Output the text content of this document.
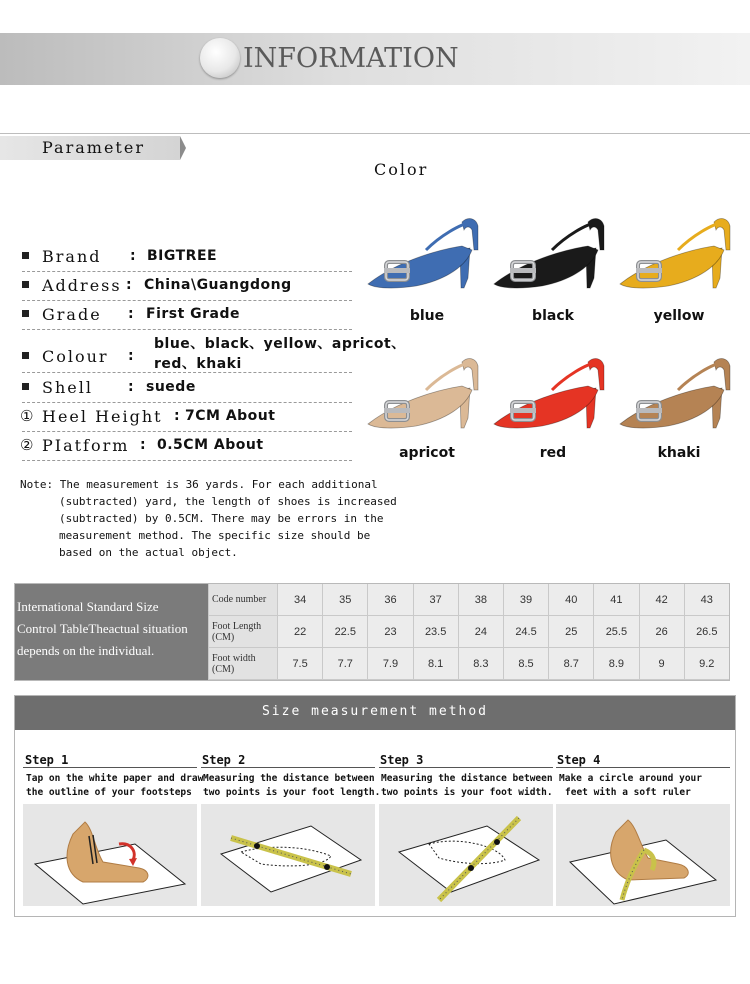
INFORMATION
Parameter
Color
Brand : BIGTREE
Address : China\Guangdong
Grade : First Grade
Colour :
blue、black、yellow、apricot、
red、khaki
Shell	: suede
① Heel Height : 7CM About
② PIatform : 0.5CM About
blue	black	yellow
apricot	red	khaki
Note: The measurement is 36 yards. For each additional
(subtracted) yard, the length of shoes is increased
(subtracted) by 0.5CM. There may be errors in the
measurement method. The specific size should be
based on the actual object.
International Standard Size
Control TableTheactual situation
depends on the individual.
Code number	34	35	36	37	38	39	40	41	42	43
Foot Length (CM)	22	22.5	23	23.5	24	24.5	25	25.5	26	26.5
Foot width (CM)	7.5	7.7	7.9	8.1	8.3	8.5	8.7	8.9	9	9.2
Size measurement method
Step 1
Tap on the white paper and draw
the outline of your footsteps
Step 2
Measuring the distance between
two points is your foot length.
Step 3
Measuring the distance between
two points is your foot width.
Step 4
Make a circle around your
feet with a soft ruler
